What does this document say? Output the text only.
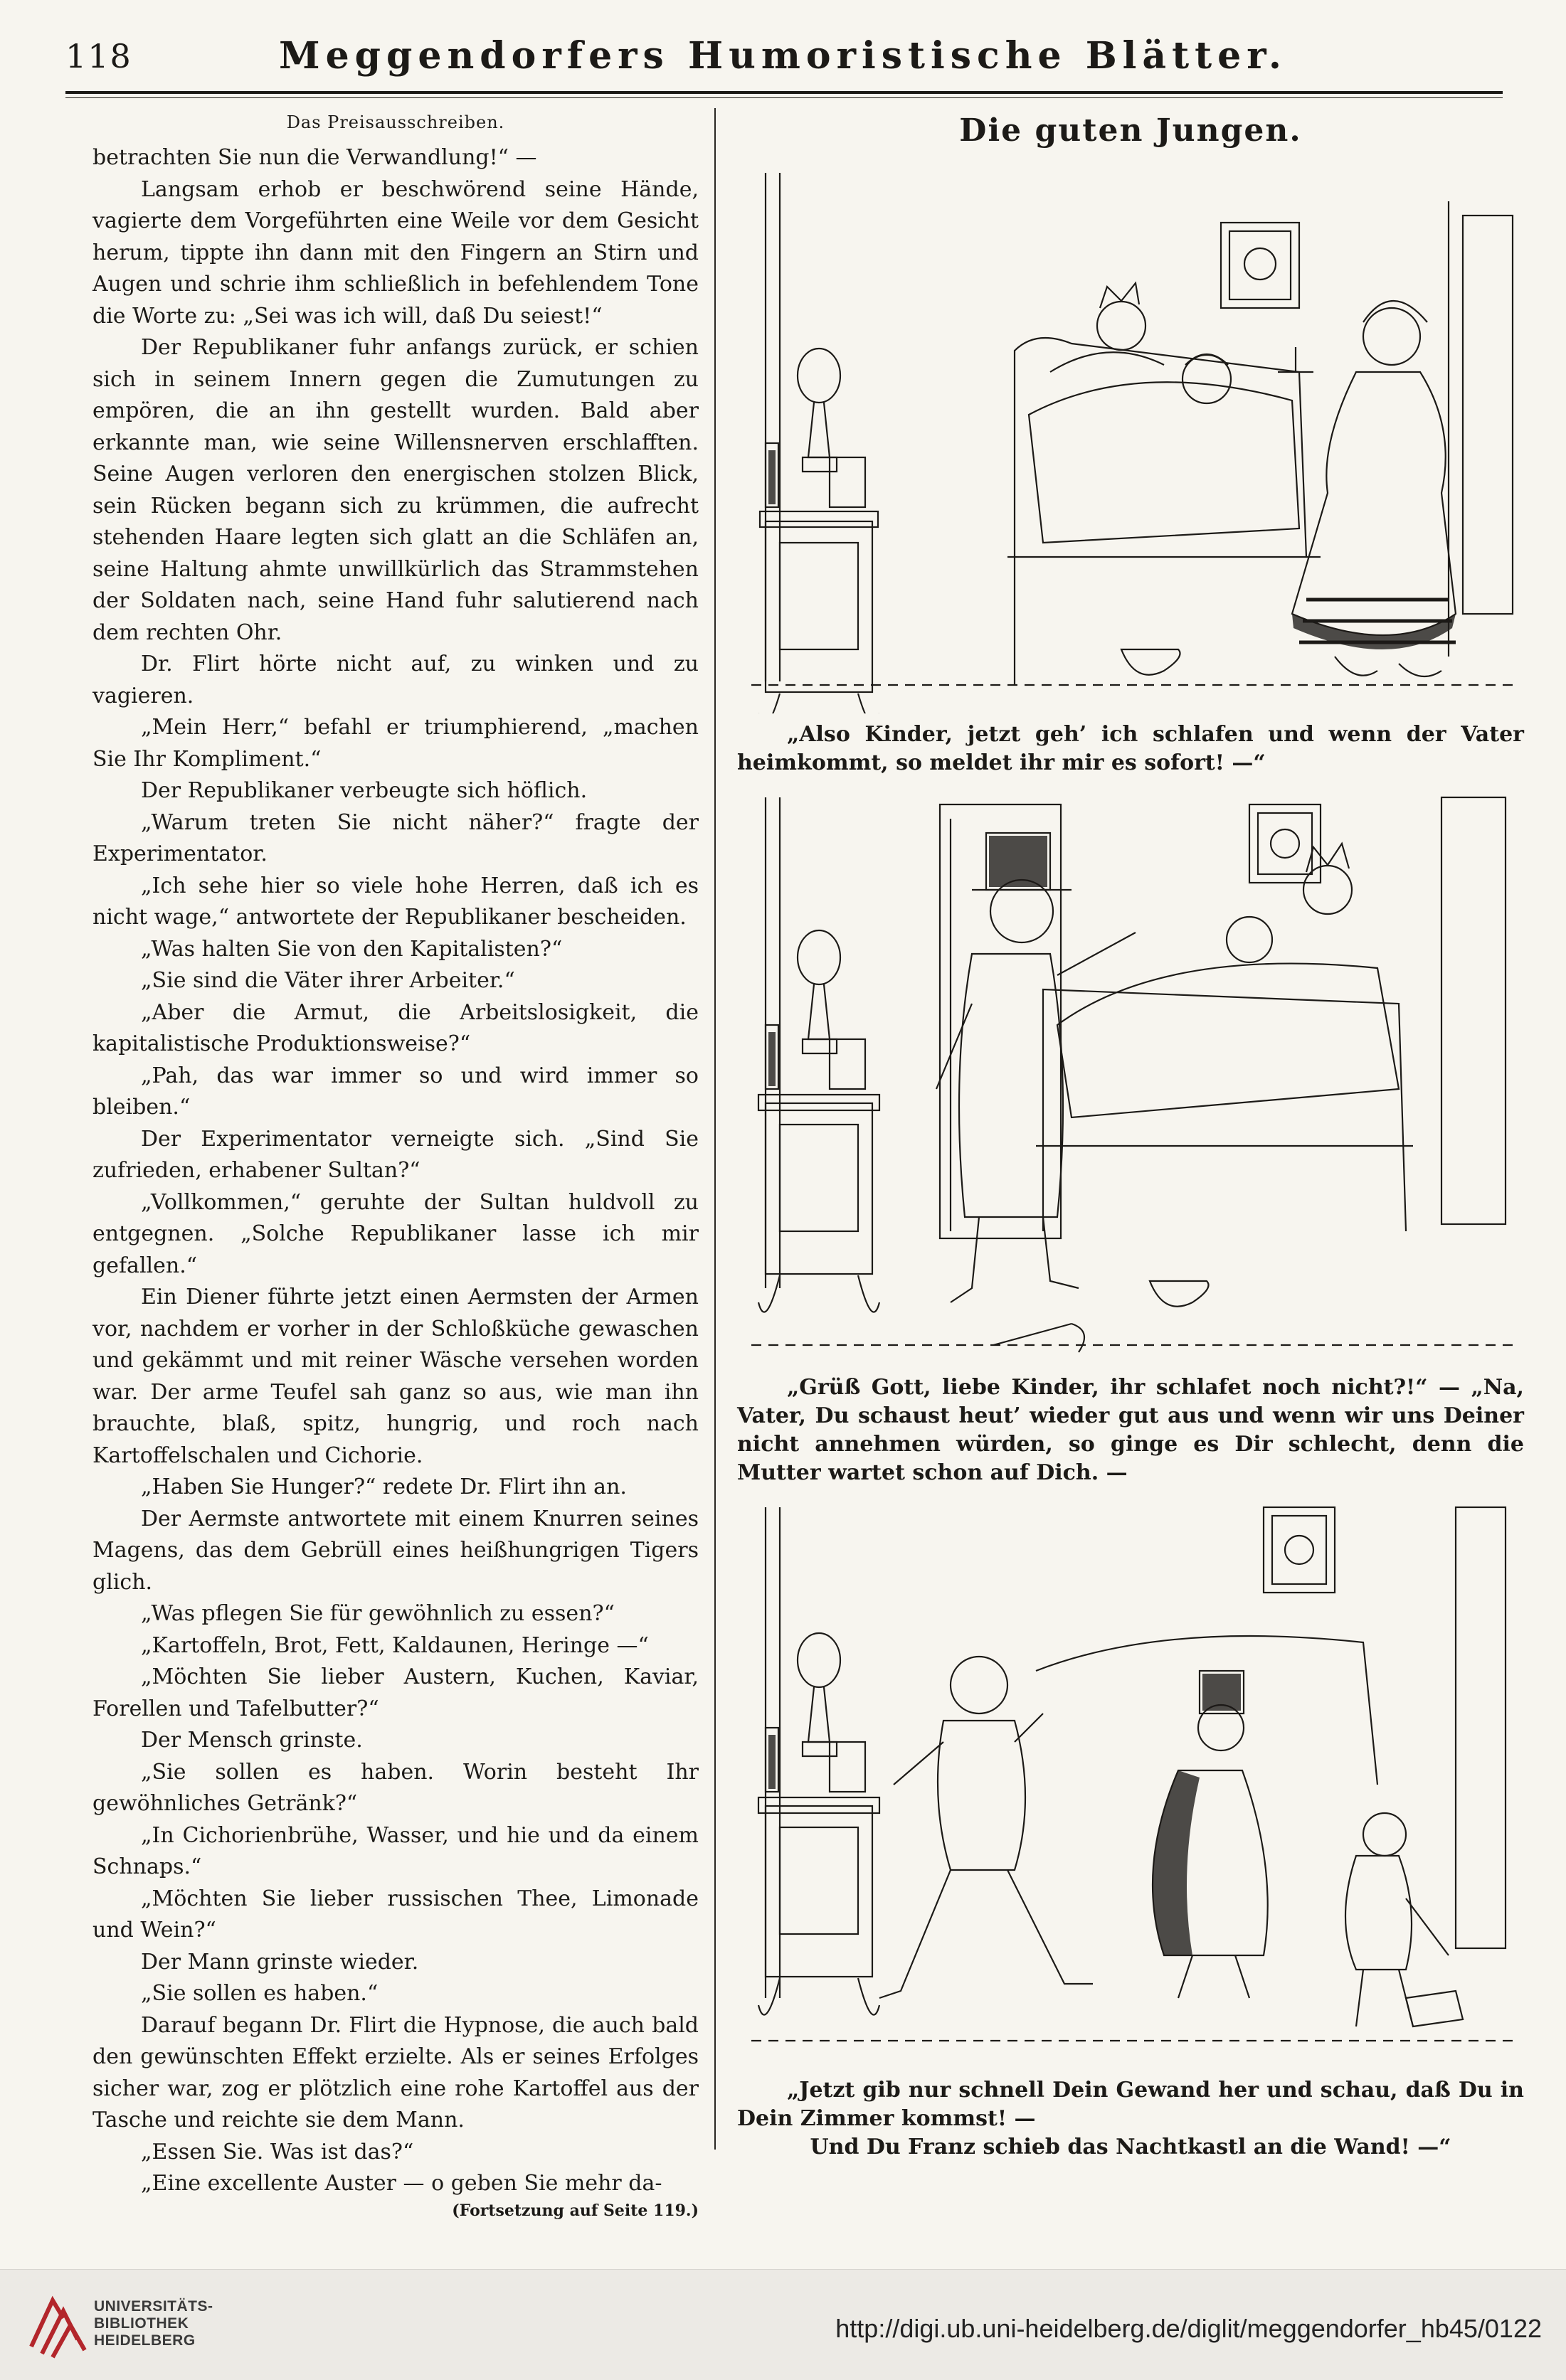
118	Meggendorfers Humoristische Blätter.
Das Preisausschreiben.

betrachten Sie nun die Verwandlung!“ —

Langsam erhob er beschwörend seine Hände, vagierte dem Vorgeführten eine Weile vor dem Gesicht herum, tippte ihn dann mit den Fingern an Stirn und Augen und schrie ihm schließlich in befehlendem Tone die Worte zu: „Sei was ich will, daß Du seiest!“

Der Republikaner fuhr anfangs zurück, er schien sich in seinem Innern gegen die Zumutungen zu empören, die an ihn gestellt wurden. Bald aber erkannte man, wie seine Willensnerven erschlafften. Seine Augen verloren den energischen stolzen Blick, sein Rücken begann sich zu krümmen, die aufrecht stehenden Haare legten sich glatt an die Schläfen an, seine Haltung ahmte unwillkürlich das Strammstehen der Soldaten nach, seine Hand fuhr salutierend nach dem rechten Ohr.

Dr. Flirt hörte nicht auf, zu winken und zu vagieren.

„Mein Herr,“ befahl er triumphierend, „machen Sie Ihr Kompliment.“

Der Republikaner verbeugte sich höflich.

„Warum treten Sie nicht näher?“ fragte der Experimentator.

„Ich sehe hier so viele hohe Herren, daß ich es nicht wage,“ antwortete der Republikaner bescheiden.

„Was halten Sie von den Kapitalisten?“

„Sie sind die Väter ihrer Arbeiter.“

„Aber die Armut, die Arbeitslosigkeit, die kapitalistische Produktionsweise?“

„Pah, das war immer so und wird immer so bleiben.“

Der Experimentator verneigte sich. „Sind Sie zufrieden, erhabener Sultan?“

„Vollkommen,“ geruhte der Sultan huldvoll zu entgegnen. „Solche Republikaner lasse ich mir gefallen.“

Ein Diener führte jetzt einen Aermsten der Armen vor, nachdem er vorher in der Schloßküche gewaschen und gekämmt und mit reiner Wäsche versehen worden war. Der arme Teufel sah ganz so aus, wie man ihn brauchte, blaß, spitz, hungrig, und roch nach Kartoffelschalen und Cichorie.

„Haben Sie Hunger?“ redete Dr. Flirt ihn an.

Der Aermste antwortete mit einem Knurren seines Magens, das dem Gebrüll eines heißhungrigen Tigers glich.

„Was pflegen Sie für gewöhnlich zu essen?“

„Kartoffeln, Brot, Fett, Kaldaunen, Heringe —“

„Möchten Sie lieber Austern, Kuchen, Kaviar, Forellen und Tafelbutter?“

Der Mensch grinste.

„Sie sollen es haben. Worin besteht Ihr gewöhnliches Getränk?“

„In Cichorienbrühe, Wasser, und hie und da einem Schnaps.“

„Möchten Sie lieber russischen Thee, Limonade und Wein?“

Der Mann grinste wieder.

„Sie sollen es haben.“

Darauf begann Dr. Flirt die Hypnose, die auch bald den gewünschten Effekt erzielte. Als er seines Erfolges sicher war, zog er plötzlich eine rohe Kartoffel aus der Tasche und reichte sie dem Mann.

„Essen Sie. Was ist das?“

„Eine excellente Auster — o geben Sie mehr da-

(Fortsetzung auf Seite 119.)
Die guten Jungen.
„Also Kinder, jetzt geh’ ich schlafen und wenn der Vater heimkommt, so meldet ihr mir es sofort! —“
„Grüß Gott, liebe Kinder, ihr schlafet noch nicht?!“ — „Na, Vater, Du schaust heut’ wieder gut aus und wenn wir uns Deiner nicht annehmen würden, so ginge es Dir schlecht, denn die Mutter wartet schon auf Dich. —
„Jetzt gib nur schnell Dein Gewand her und schau, daß Du in Dein Zimmer kommst! —
Und Du Franz schieb das Nachtkastl an die Wand! —“
UNIVERSITÄTS-
BIBLIOTHEK
HEIDELBERG	http://digi.ub.uni-heidelberg.de/diglit/meggendorfer_hb45/0122
